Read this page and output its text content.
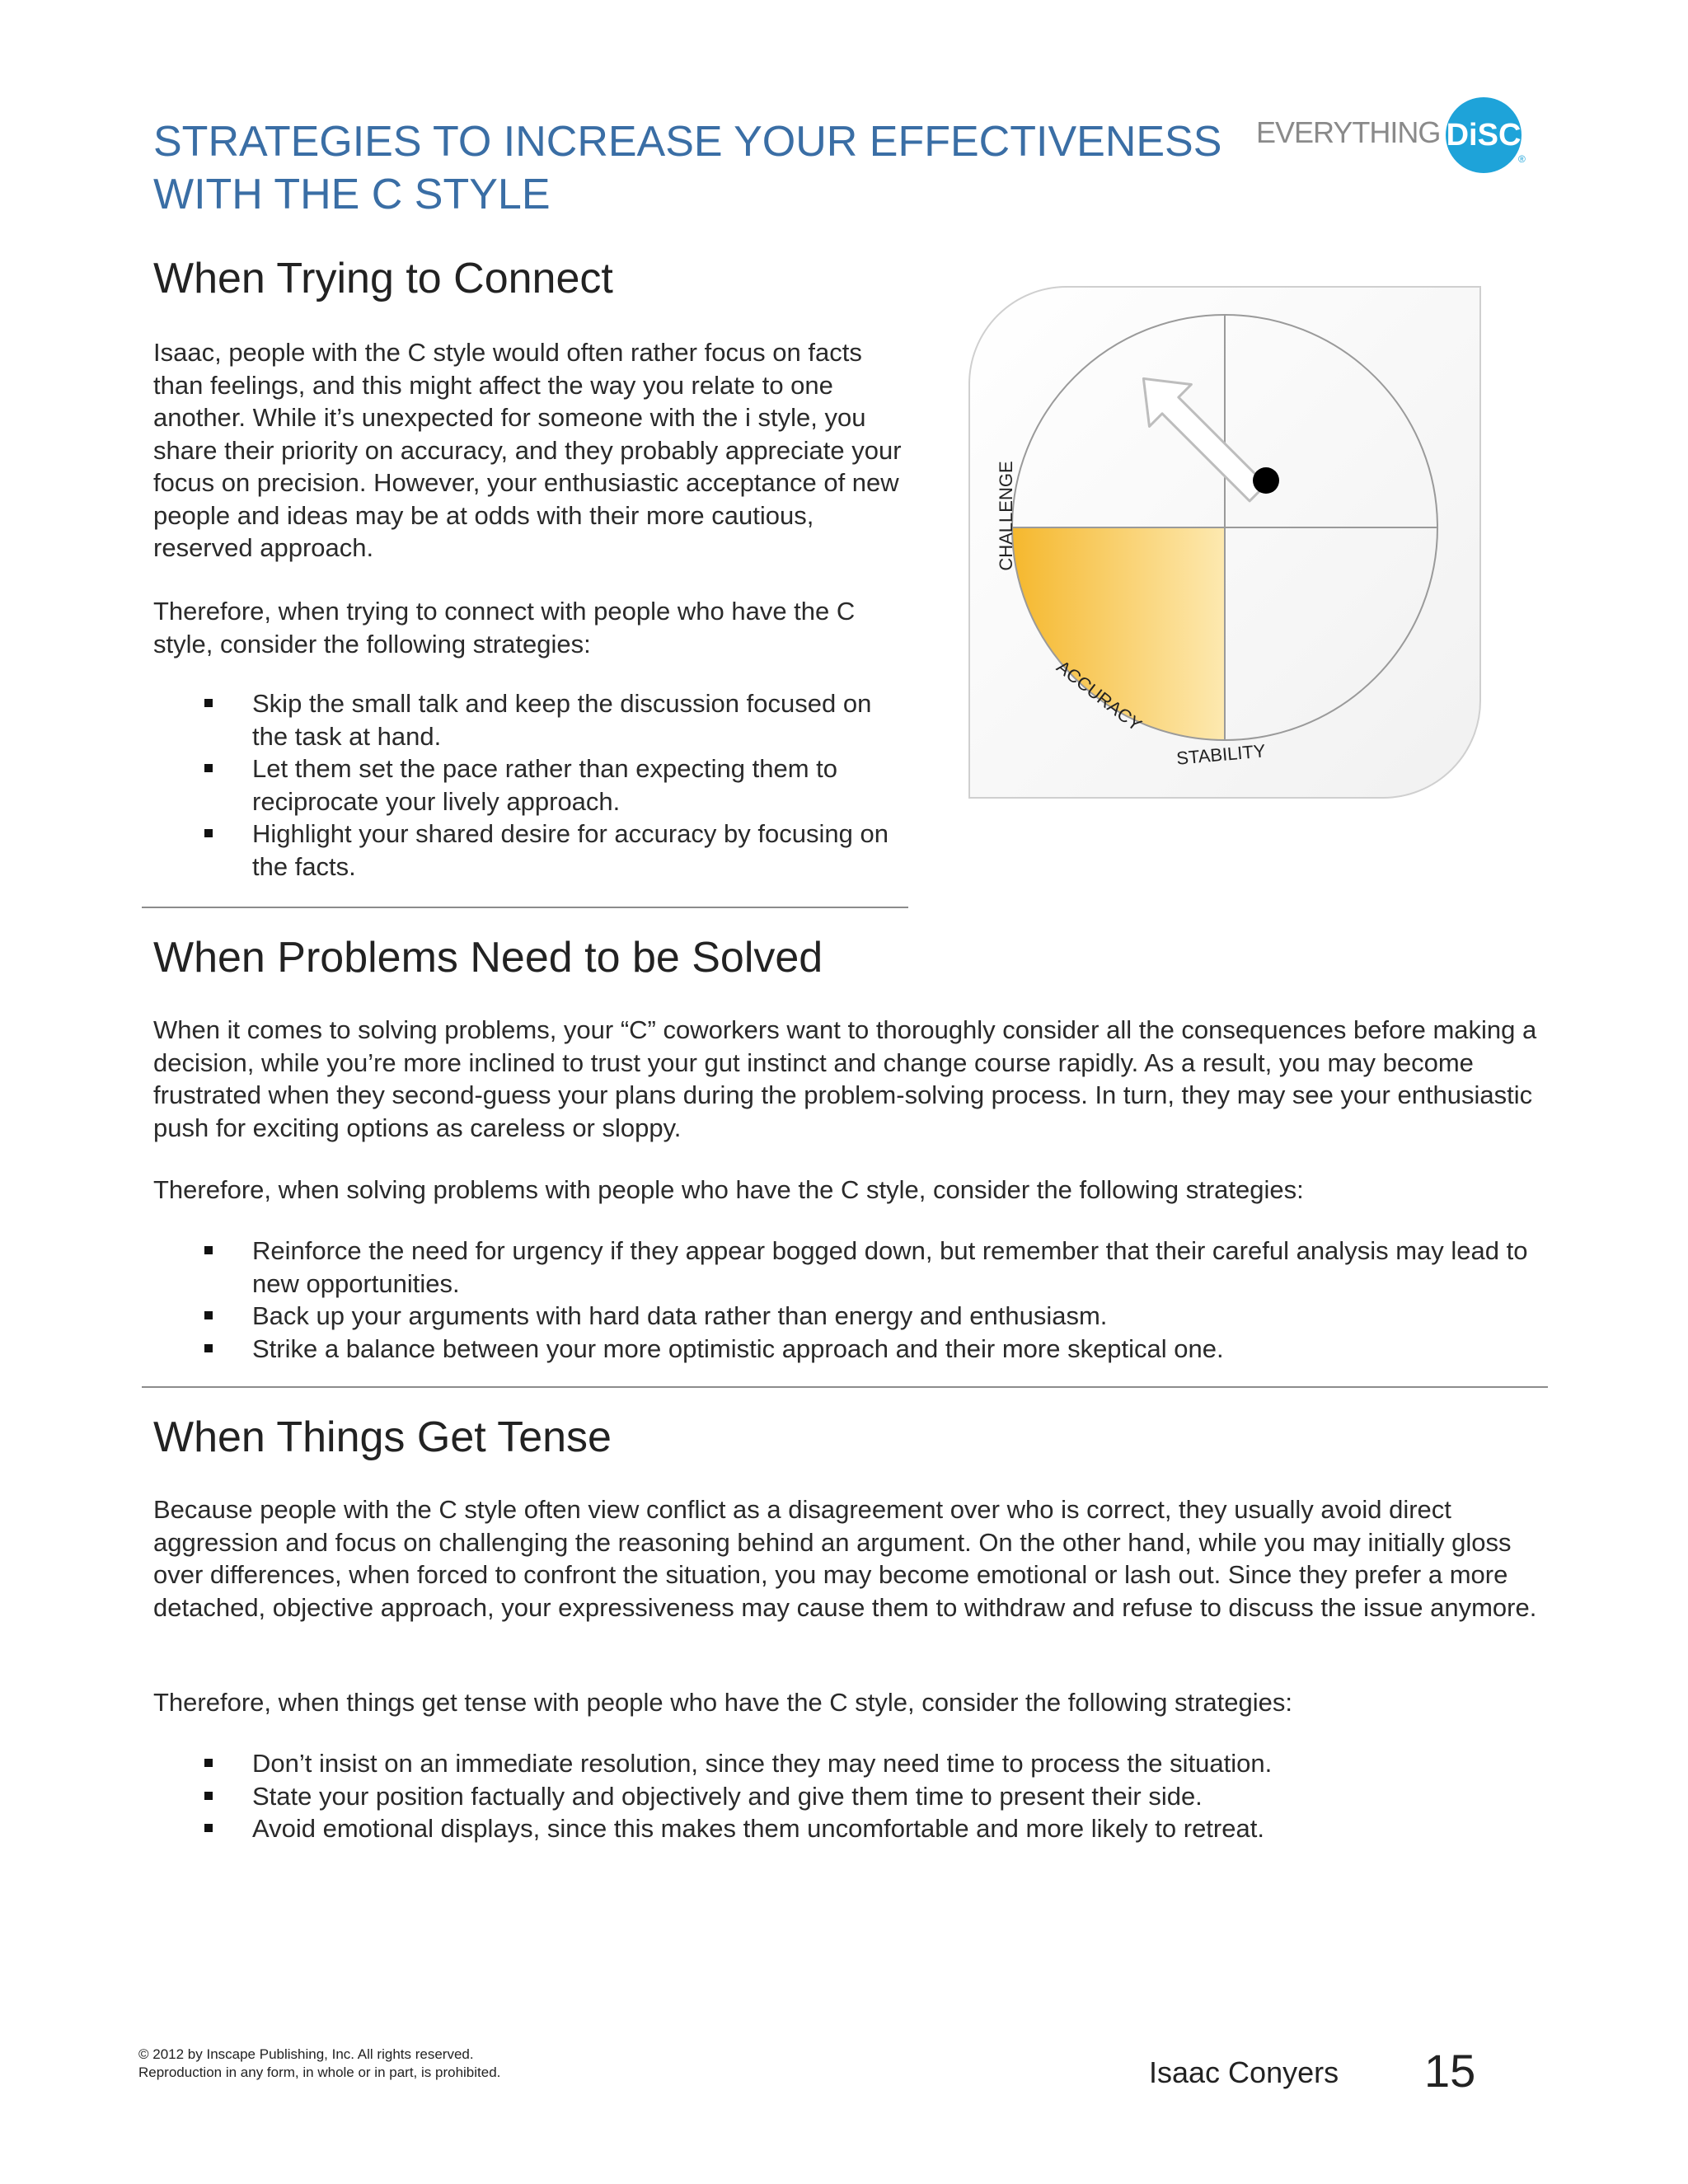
STRATEGIES TO INCREASE YOUR EFFECTIVENESS
WITH THE C STYLE
EVERYTHING DiSC
®
When Trying to Connect

Isaac, people with the C style would often rather focus on facts than feelings, and this might affect the way you relate to one another. While it’s unexpected for someone with the i style, you share their priority on accuracy, and they probably appreciate your focus on precision. However, your enthusiastic acceptance of new people and ideas may be at odds with their more cautious, reserved approach.

Therefore, when trying to connect with people who have the C style, consider the following strategies:

Skip the small talk and keep the discussion focused on the task at hand.
Let them set the pace rather than expecting them to reciprocate your lively approach.
Highlight your shared desire for accuracy by focusing on the facts.
CHALLENGE
ACCURACY
STABILITY
When Problems Need to be Solved

When it comes to solving problems, your “C” coworkers want to thoroughly consider all the consequences before making a decision, while you’re more inclined to trust your gut instinct and change course rapidly. As a result, you may become frustrated when they second-guess your plans during the problem-solving process. In turn, they may see your enthusiastic push for exciting options as careless or sloppy.

Therefore, when solving problems with people who have the C style, consider the following strategies:

Reinforce the need for urgency if they appear bogged down, but remember that their careful analysis may lead to new opportunities.
Back up your arguments with hard data rather than energy and enthusiasm.
Strike a balance between your more optimistic approach and their more skeptical one.
When Things Get Tense

Because people with the C style often view conflict as a disagreement over who is correct, they usually avoid direct aggression and focus on challenging the reasoning behind an argument. On the other hand, while you may initially gloss over differences, when forced to confront the situation, you may become emotional or lash out. Since they prefer a more detached, objective approach, your expressiveness may cause them to withdraw and refuse to discuss the issue anymore.

Therefore, when things get tense with people who have the C style, consider the following strategies:

Don’t insist on an immediate resolution, since they may need time to process the situation.
State your position factually and objectively and give them time to present their side.
Avoid emotional displays, since this makes them uncomfortable and more likely to retreat.
© 2012 by Inscape Publishing, Inc. All rights reserved.
Reproduction in any form, in whole or in part, is prohibited.	Isaac Conyers 15
